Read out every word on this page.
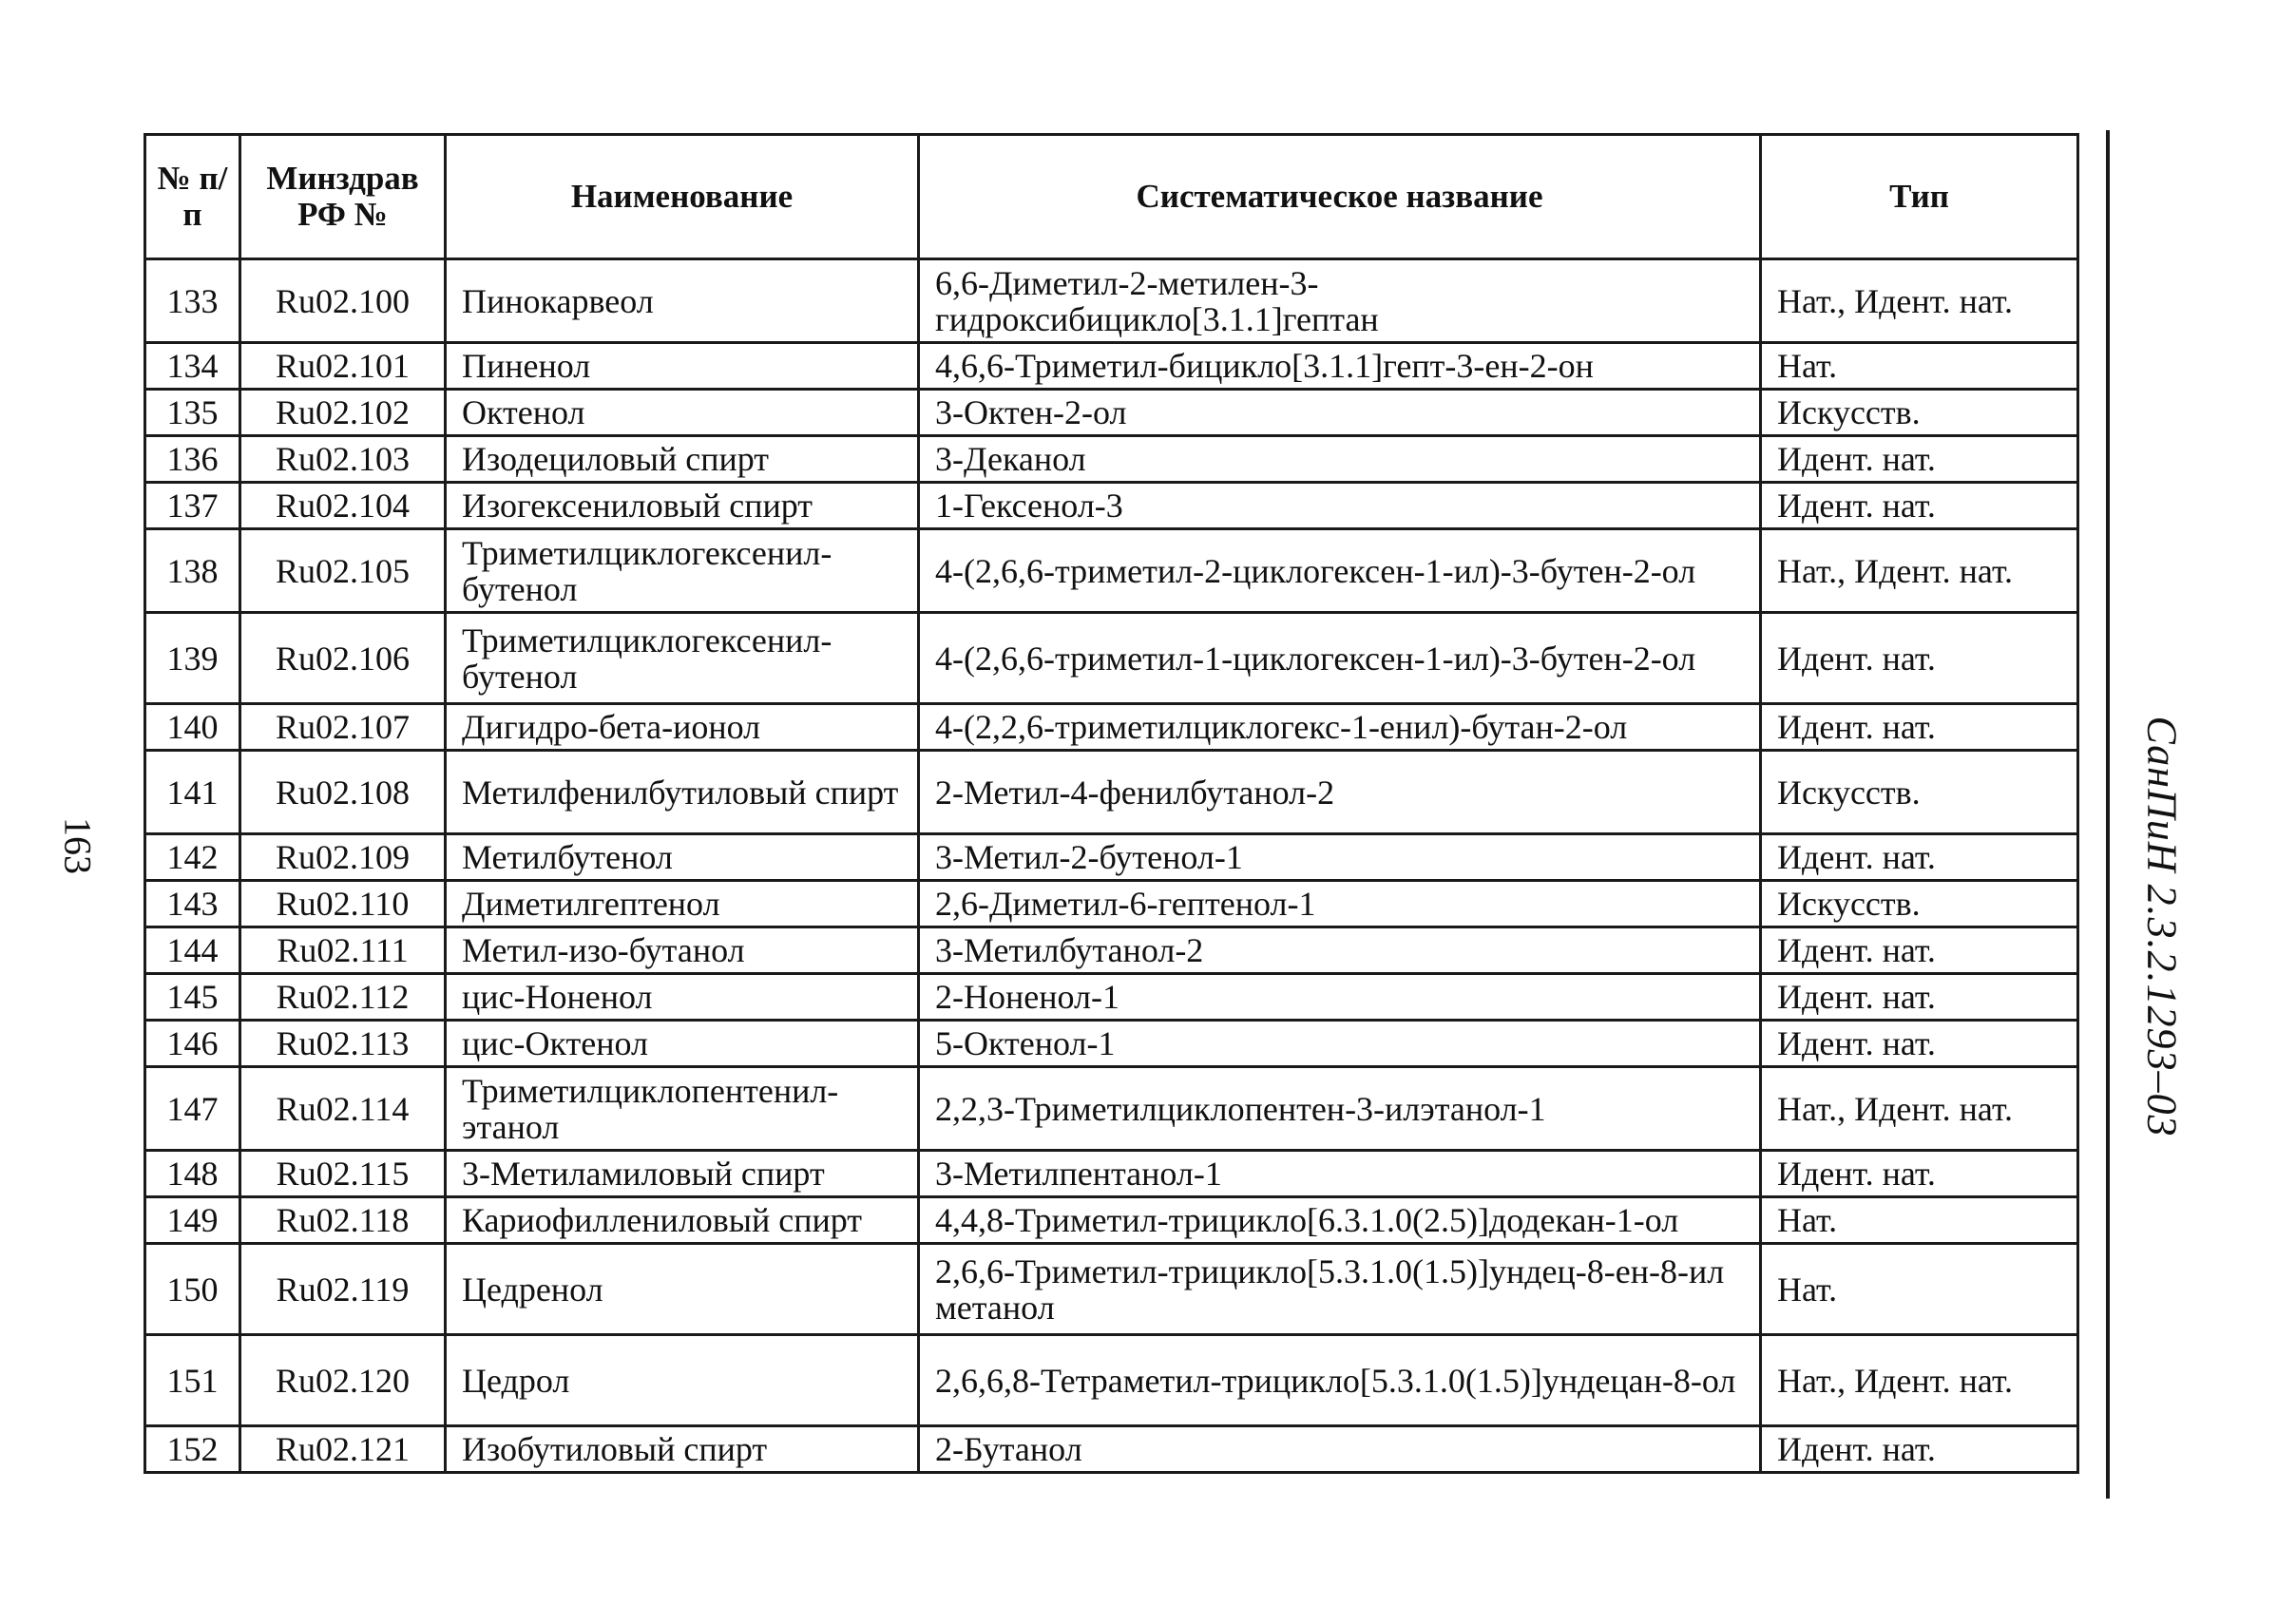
№ п/п	Минздрав РФ №	Наименование	Систематическое название	Тип
133	Ru02.100	Пинокарвеол	6,6-Диметил-2-метилен-3-гидроксибицикло[3.1.1]гептан	Нат., Идент. нат.
134	Ru02.101	Пиненол	4,6,6-Триметил-бицикло[3.1.1]гепт-3-ен-2-он	Нат.
135	Ru02.102	Октенол	3-Октен-2-ол	Искусств.
136	Ru02.103	Изодециловый спирт	3-Деканол	Идент. нат.
137	Ru02.104	Изогексениловый спирт	1-Гексенол-3	Идент. нат.
138	Ru02.105	Триметилциклогексенил-бутенол	4-(2,6,6-триметил-2-циклогексен-1-ил)-3-бутен-2-ол	Нат., Идент. нат.
139	Ru02.106	Триметилциклогексенил-бутенол	4-(2,6,6-триметил-1-циклогексен-1-ил)-3-бутен-2-ол	Идент. нат.
140	Ru02.107	Дигидро-бета-ионол	4-(2,2,6-триметилциклогекс-1-енил)-бутан-2-ол	Идент. нат.
141	Ru02.108	Метилфенилбутиловый спирт	2-Метил-4-фенилбутанол-2	Искусств.
142	Ru02.109	Метилбутенол	3-Метил-2-бутенол-1	Идент. нат.
143	Ru02.110	Диметилгептенол	2,6-Диметил-6-гептенол-1	Искусств.
144	Ru02.111	Метил-изо-бутанол	3-Метилбутанол-2	Идент. нат.
145	Ru02.112	цис-Ноненол	2-Ноненол-1	Идент. нат.
146	Ru02.113	цис-Октенол	5-Октенол-1	Идент. нат.
147	Ru02.114	Триметилциклопентенил-этанол	2,2,3-Триметилциклопентен-3-илэтанол-1	Нат., Идент. нат.
148	Ru02.115	3-Метиламиловый спирт	3-Метилпентанол-1	Идент. нат.
149	Ru02.118	Кариофиллениловый спирт	4,4,8-Триметил-трицикло[6.3.1.0(2.5)]додекан-1-ол	Нат.
150	Ru02.119	Цедренол	2,6,6-Триметил-трицикло[5.3.1.0(1.5)]ундец-8-ен-8-ил метанол	Нат.
151	Ru02.120	Цедрол	2,6,6,8-Тетраметил-трицикло[5.3.1.0(1.5)]ундецан-8-ол	Нат., Идент. нат.
152	Ru02.121	Изобутиловый спирт	2-Бутанол	Идент. нат.
СанПиН 2.3.2.1293–03
163
